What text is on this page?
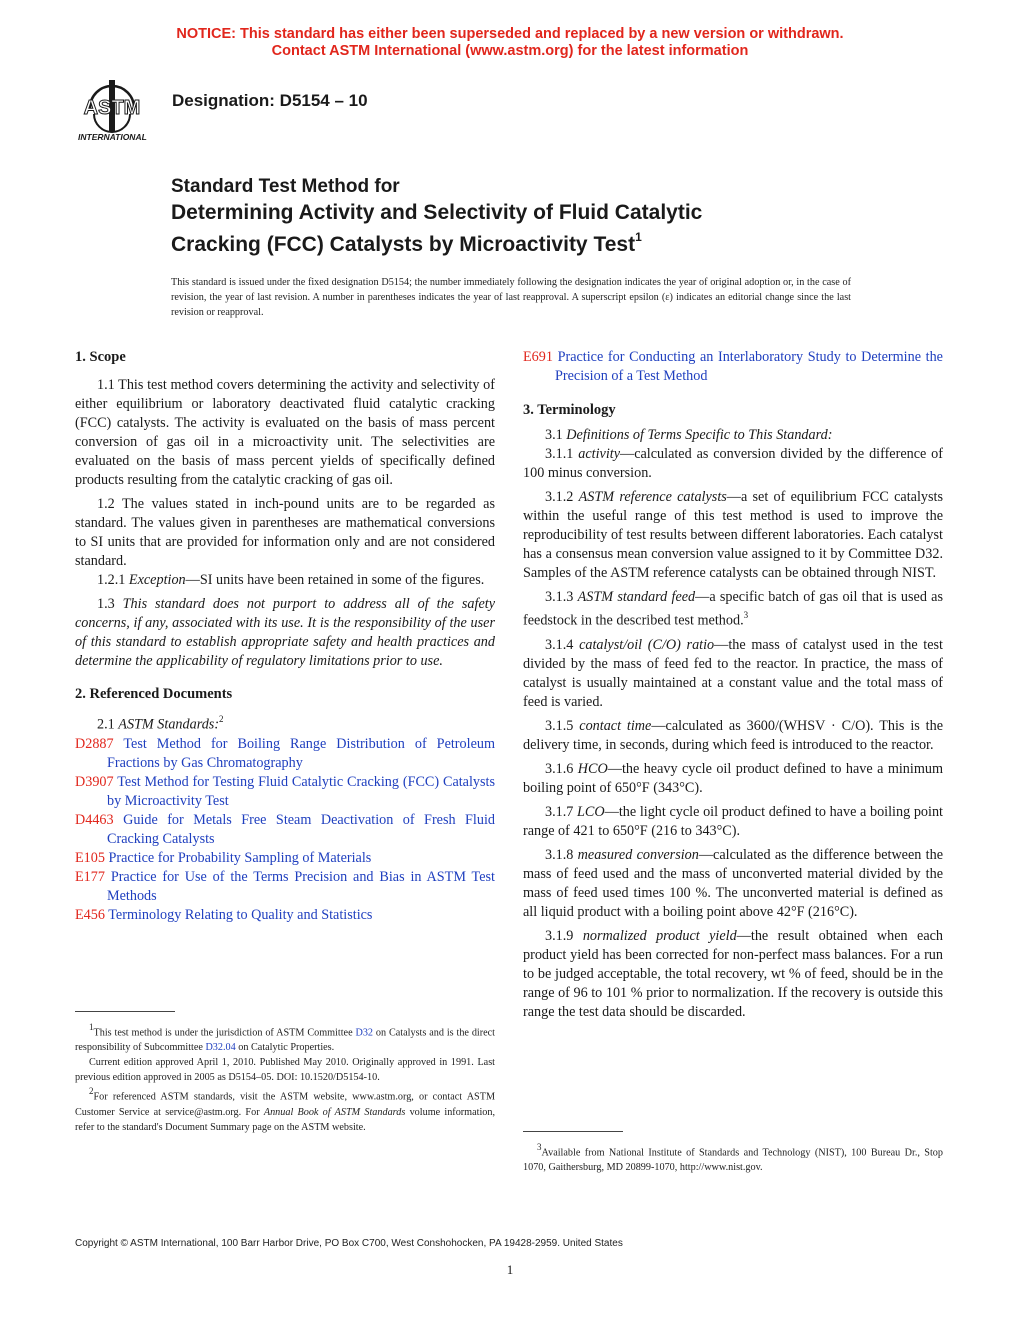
NOTICE: This standard has either been superseded and replaced by a new version or withdrawn.
Contact ASTM International (www.astm.org) for the latest information
ASTM
INTERNATIONAL
Designation: D5154 – 10
Standard Test Method for
Determining Activity and Selectivity of Fluid Catalytic
Cracking (FCC) Catalysts by Microactivity Test$^1$
This standard is issued under the fixed designation D5154; the number immediately following the designation indicates the year of original adoption or, in the case of revision, the year of last revision. A number in parentheses indicates the year of last reapproval. A superscript epsilon (ε) indicates an editorial change since the last revision or reapproval.
1. Scope

1.1 This test method covers determining the activity and selectivity of either equilibrium or laboratory deactivated fluid catalytic cracking (FCC) catalysts. The activity is evaluated on the basis of mass percent conversion of gas oil in a microactivity unit. The selectivities are evaluated on the basis of mass percent yields of specifically defined products resulting from the catalytic cracking of gas oil.

1.2 The values stated in inch-pound units are to be regarded as standard. The values given in parentheses are mathematical conversions to SI units that are provided for information only and are not considered standard.

1.2.1 Exception—SI units have been retained in some of the figures.

1.3 This standard does not purport to address all of the safety concerns, if any, associated with its use. It is the responsibility of the user of this standard to establish appropriate safety and health practices and determine the applicability of regulatory limitations prior to use.

2. Referenced Documents

2.1 ASTM Standards:$^2$

D2887 Test Method for Boiling Range Distribution of Petroleum Fractions by Gas Chromatography

D3907 Test Method for Testing Fluid Catalytic Cracking (FCC) Catalysts by Microactivity Test

D4463 Guide for Metals Free Steam Deactivation of Fresh Fluid Cracking Catalysts

E105 Practice for Probability Sampling of Materials

E177 Practice for Use of the Terms Precision and Bias in ASTM Test Methods

E456 Terminology Relating to Quality and Statistics

E691 Practice for Conducting an Interlaboratory Study to Determine the Precision of a Test Method

3. Terminology

3.1 Definitions of Terms Specific to This Standard:

3.1.1 activity—calculated as conversion divided by the difference of 100 minus conversion.

3.1.2 ASTM reference catalysts—a set of equilibrium FCC catalysts within the useful range of this test method is used to improve the reproducibility of test results between different laboratories. Each catalyst has a consensus mean conversion value assigned to it by Committee D32. Samples of the ASTM reference catalysts can be obtained through NIST.

3.1.3 ASTM standard feed—a specific batch of gas oil that is used as feedstock in the described test method.$^3$

3.1.4 catalyst/oil (C/O) ratio—the mass of catalyst used in the test divided by the mass of feed fed to the reactor. In practice, the mass of catalyst is usually maintained at a constant value and the total mass of feed is varied.

3.1.5 contact time—calculated as 3600/(WHSV · C/O). This is the delivery time, in seconds, during which feed is introduced to the reactor.

3.1.6 HCO—the heavy cycle oil product defined to have a minimum boiling point of 650°F (343°C).

3.1.7 LCO—the light cycle oil product defined to have a boiling point range of 421 to 650°F (216 to 343°C).

3.1.8 measured conversion—calculated as the difference between the mass of feed used and the mass of unconverted material divided by the mass of feed used times 100 %. The unconverted material is defined as all liquid product with a boiling point above 42°F (216°C).

3.1.9 normalized product yield—the result obtained when each product yield has been corrected for non-perfect mass balances. For a run to be judged acceptable, the total recovery, wt % of feed, should be in the range of 96 to 101 % prior to normalization. If the recovery is outside this range the test data should be discarded.

$^1$This test method is under the jurisdiction of ASTM Committee D32 on Catalysts and is the direct responsibility of Subcommittee D32.04 on Catalytic Properties.

Current edition approved April 1, 2010. Published May 2010. Originally approved in 1991. Last previous edition approved in 2005 as D5154–05. DOI: 10.1520/D5154-10.

$^2$For referenced ASTM standards, visit the ASTM website, www.astm.org, or contact ASTM Customer Service at service@astm.org. For Annual Book of ASTM Standards volume information, refer to the standard's Document Summary page on the ASTM website.

$^3$Available from National Institute of Standards and Technology (NIST), 100 Bureau Dr., Stop 1070, Gaithersburg, MD 20899-1070, http://www.nist.gov.

Copyright © ASTM International, 100 Barr Harbor Drive, PO Box C700, West Conshohocken, PA 19428-2959. United States
1
